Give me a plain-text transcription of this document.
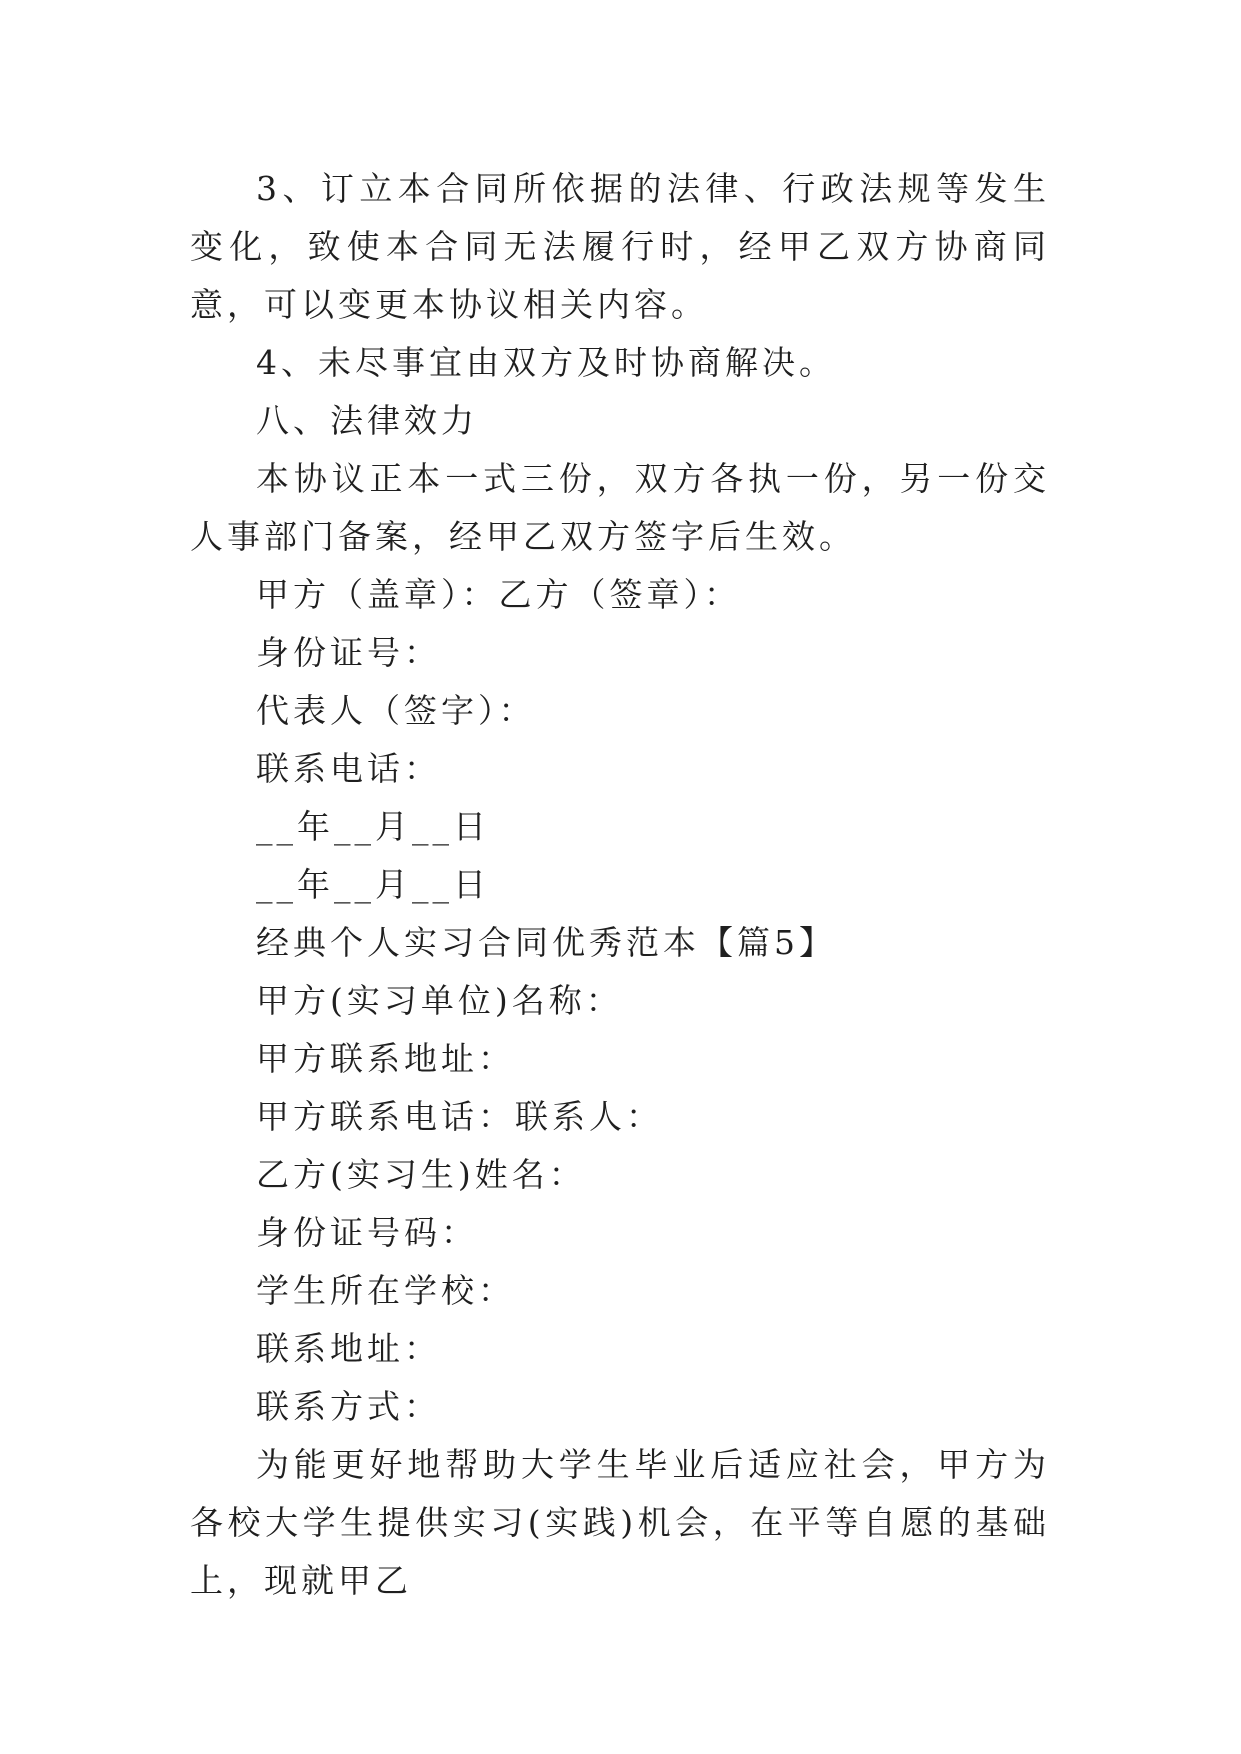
3、订立本合同所依据的法律、行政法规等发生变化，致使本合同无法履行时，经甲乙双方协商同意，可以变更本协议相关内容。

4、未尽事宜由双方及时协商解决。

八、法律效力

本协议正本一式三份，双方各执一份，另一份交人事部门备案，经甲乙双方签字后生效。

甲方（盖章）：乙方（签章）：

身份证号：

代表人（签字）：

联系电话：

__年__月__日

__年__月__日

经典个人实习合同优秀范本【篇5】

甲方(实习单位)名称：

甲方联系地址：

甲方联系电话：联系人：

乙方(实习生)姓名：

身份证号码：

学生所在学校：

联系地址：

联系方式：

为能更好地帮助大学生毕业后适应社会，甲方为各校大学生提供实习(实践)机会，在平等自愿的基础上，现就甲乙
